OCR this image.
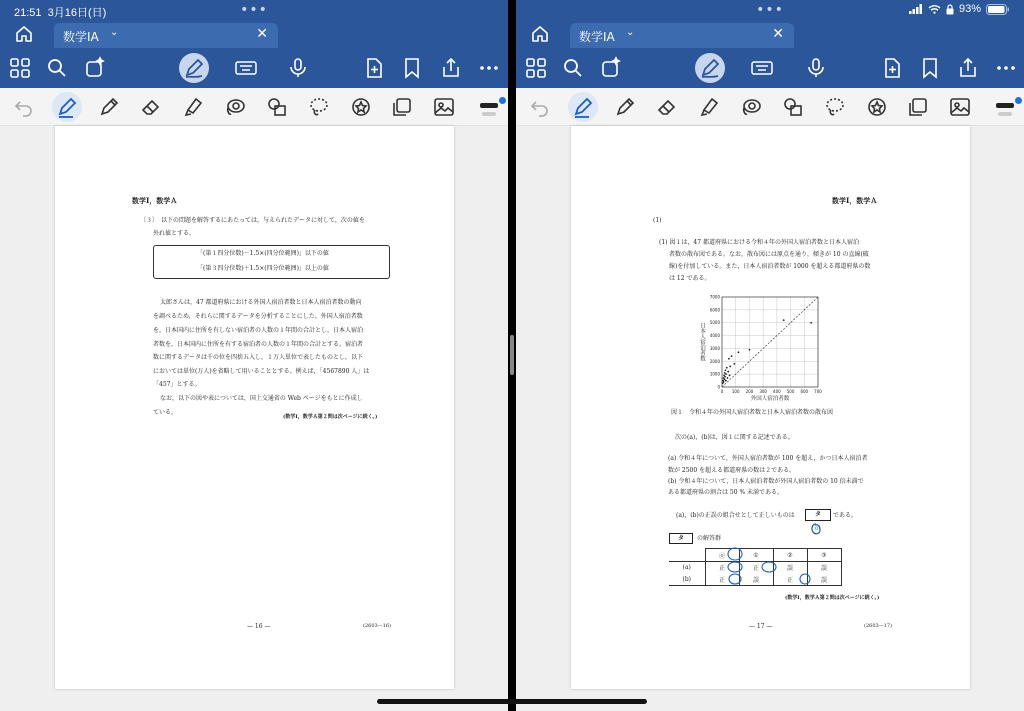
21:51 3月16日(日)	•••
数学ⅠA ⌄	✕
数学Ⅰ，数学Ａ
〔３〕 以下の問題を解答するにあたっては，与えられたデータに対して，次の値を
外れ値とする。
「(第１四分位数)－1.5×(四分位範囲)」以下の値
「(第３四分位数)＋1.5×(四分位範囲)」以上の値
太郎さんは，47 都道府県における外国人宿泊者数と日本人宿泊者数の動向
を調べるため，それらに関するデータを分析することにした。外国人宿泊者数
を，日本国内に住所を有しない宿泊者の人数の１年間の合計とし，日本人宿泊
者数を，日本国内に住所を有する宿泊者の人数の１年間の合計とする。宿泊者
数に関するデータは千の位を四捨五入し，１万人単位で表したものとし，以下
においては単位(万人)を省略して用いることとする。例えば，「4567890 人」は
「457」とする。
なお，以下の図や表については，国土交通省の Web ページをもとに作成し
ている。
(数学Ⅰ，数学Ａ第２問は次ページに続く。)
— 16 —	(2603—16)
•••	93%
数学ⅠA ⌄	✕
数学Ⅰ，数学Ａ
(1)
(1) 図１は，47 都道府県における令和４年の外国人宿泊者数と日本人宿泊
者数の散布図である。なお，散布図には原点を通り，傾きが 10 の直線(破
線)を付加している。また，日本人宿泊者数が 1000 を超える都道府県の数
は 12 である。
0 100 200 300 400 500 600 700
0
1000
2000
3000
4000
5000
6000
7000
外国人宿泊者数
日本人宿泊者数
図１　令和４年の外国人宿泊者数と日本人宿泊者数の散布図
次の(a)，(b)は，図１に関する記述である。
(a) 令和４年について，外国人宿泊者数が 100 を超え，かつ日本人宿泊者
数が 2500 を超える都道府県の数は２である。
(b) 令和４年について，日本人宿泊者数が外国人宿泊者数の 10 倍未満で
ある都道府県の割合は 50 % 未満である。
(a)，(b)の正誤の組合せとして正しいものは	タ	である。
0
タ	の解答群
	⓪	①	②	③
(a)	正	正	誤	誤
(b)	正	誤	正	誤
(数学Ⅰ，数学Ａ第２問は次ページに続く。)
— 17 —	(2603—17)
